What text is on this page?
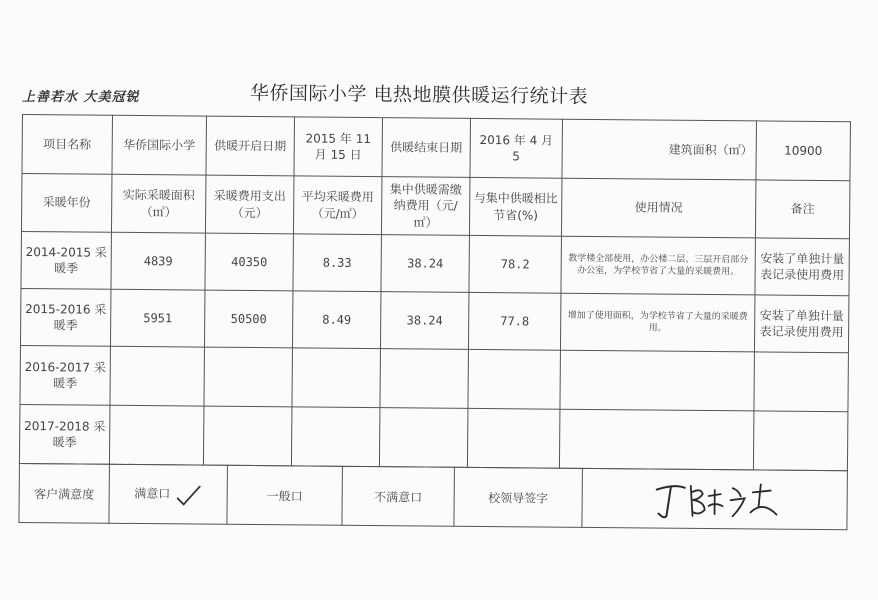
上善若水 大美冠锐	华侨国际小学 电热地膜供暖运行统计表
项目名称	华侨国际小学	供暖开启日期	2015 年 11 月 15 日	供暖结束日期	2016 年 4 月 5	建筑面积（㎡）	10900
采暖年份	实际采暖面积（㎡）	采暖费用支出（元）	平均采暖费用（元/㎡）	集中供暖需缴纳费用（元/㎡）	与集中供暖相比节省(%)	使用情况	备注
2014-2015 采暖季	4839	40350	8.33	38.24	78.2	教学楼全部使用，办公楼二层、三层开启部分办公室，为学校节省了大量的采暖费用。	安装了单独计量表记录使用费用
2015-2016 采暖季	5951	50500	8.49	38.24	77.8	增加了使用面积，为学校节省了大量的采暖费用。	安装了单独计量表记录使用费用
2016-2017 采暖季							
2017-2018 采暖季							
客户满意度	满意口	一般口	不满意口	校领导签字	
